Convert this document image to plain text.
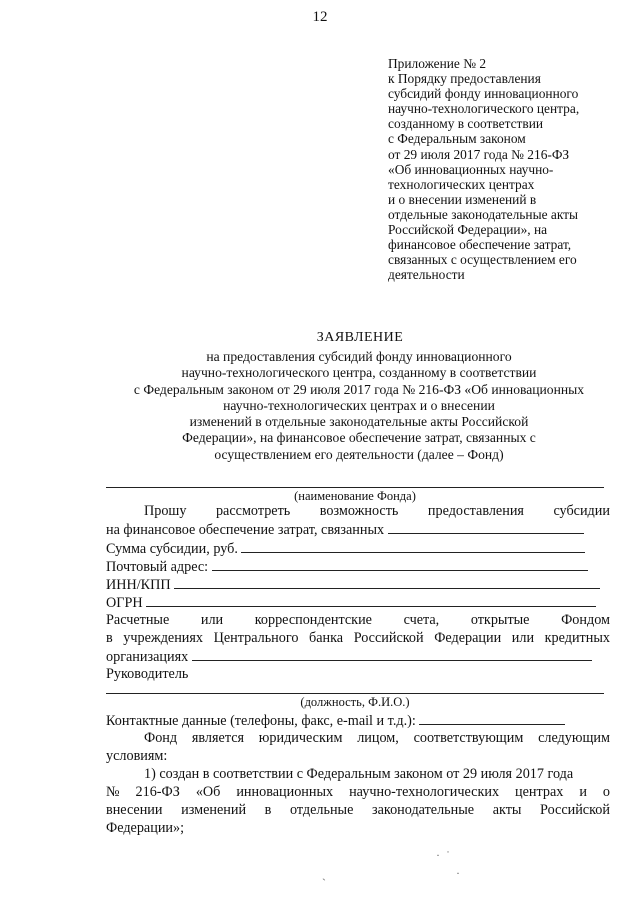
12
Приложение № 2
к Порядку предоставления
субсидий фонду инновационного
научно-технологического центра,
созданному в соответствии
с Федеральным законом
от 29 июля 2017 года № 216-ФЗ
«Об инновационных научно-
технологических центрах
и о внесении изменений в
отдельные законодательные акты
Российской Федерации», на
финансовое обеспечение затрат,
связанных с осуществлением его
деятельности
ЗАЯВЛЕНИЕ
на предоставления субсидий фонду инновационного
научно-технологического центра, созданному в соответствии
с Федеральным законом от 29 июля 2017 года № 216-ФЗ «Об инновационных
научно-технологических центрах и о внесении
изменений в отдельные законодательные акты Российской
Федерации», на финансовое обеспечение затрат, связанных с
осуществлением его деятельности (далее – Фонд)
(наименование Фонда)
Прошу рассмотреть возможность предоставления субсидии
на финансовое обеспечение затрат, связанных
Сумма субсидии, руб.
Почтовый адрес:
ИНН/КПП
ОГРН
Расчетные или корреспондентские счета, открытые Фондом
в учреждениях Центрального банка Российской Федерации или кредитных
организациях
Руководитель
(должность, Ф.И.О.)
Контактные данные (телефоны, факс, e-mail и т.д.):
Фонд является юридическим лицом, соответствующим следующим
условиям:
1) создан в соответствии с Федеральным законом от 29 июля 2017 года
№ 216-ФЗ «Об инновационных научно-технологических центрах и о
внесении изменений в отдельные законодательные акты Российской
Федерации»;
·  ˙
·
`
